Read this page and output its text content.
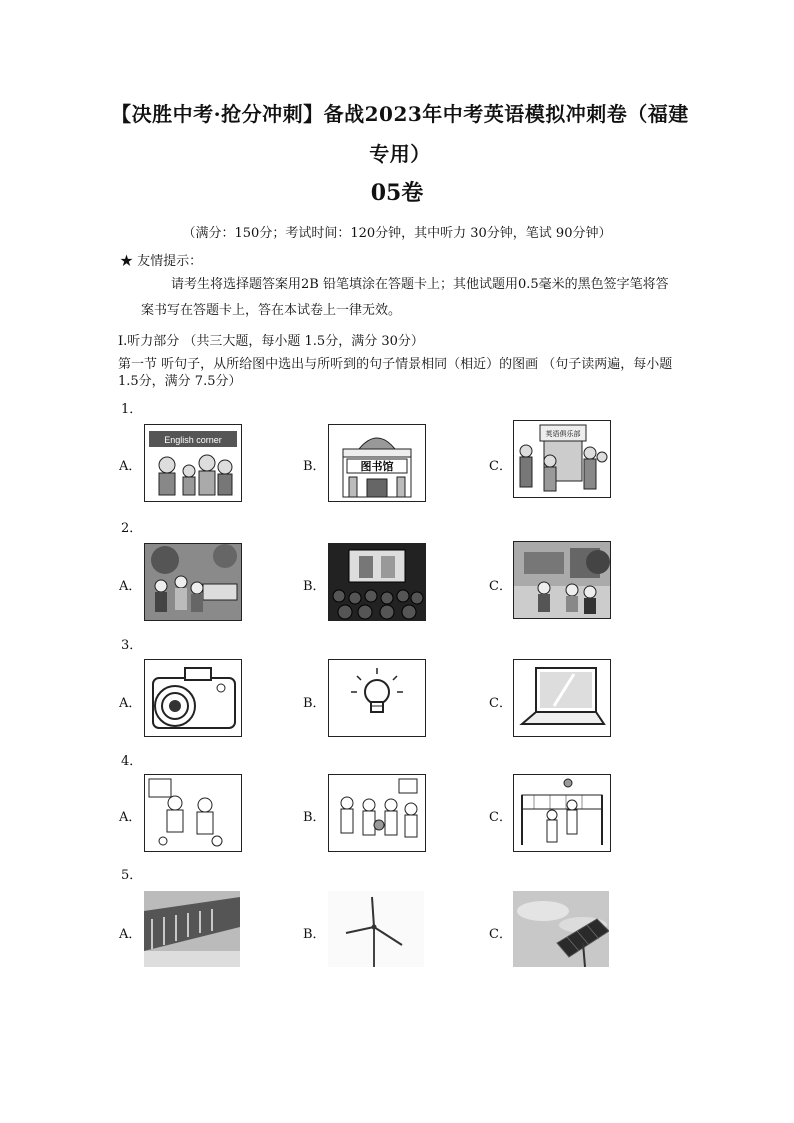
【决胜中考·抢分冲刺】备战2023年中考英语模拟冲刺卷（福建
专用）
05卷
（满分：150分；考试时间：120分钟，其中听力 30分钟，笔试 90分钟）
★ 友情提示：
请考生将选择题答案用2B 铅笔填涂在答题卡上；其他试题用0.5毫米的黑色签字笔将答案书写在答题卡上，答在本试卷上一律无效。
Ⅰ.听力部分 （共三大题，每小题 1.5分，满分 30分）
第一节 听句子，从所给图中选出与所听到的句子情景相同（相近）的图画 （句子读两遍，每小题 1.5分，满分 7.5分）
1．
A．
English corner
B．	图书馆	C．
英语俱乐部
2．
A．	B．	C．
3．
A．	B．	C．
4．
A．	B．	C．
5．
A．	B．	C．
